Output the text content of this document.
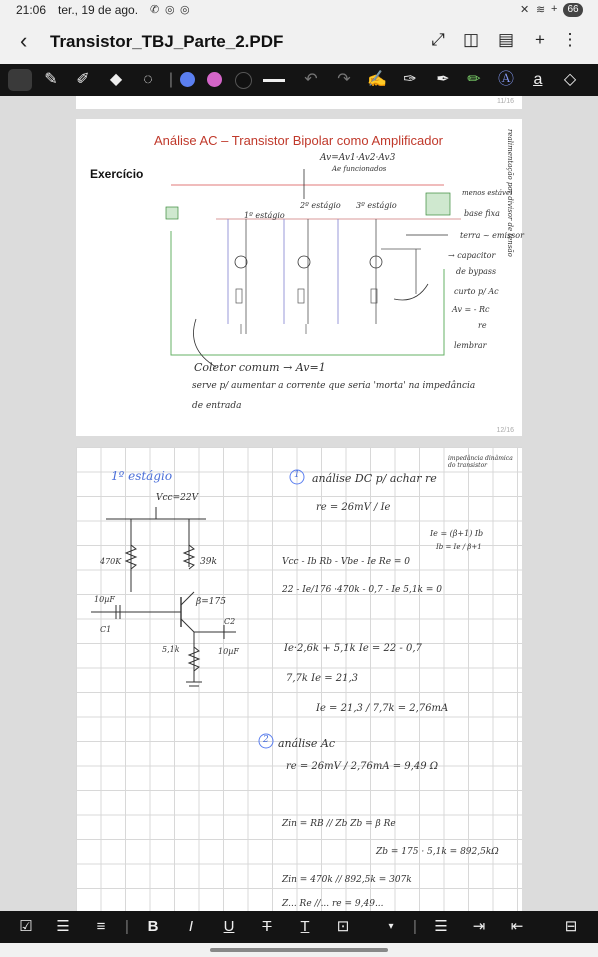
21:06 ter., 19 de ago. ✆ ◎ ◎	✕ ≋ +	66
‹ Transistor_TBJ_Parte_2.PDF	⤢ ◫ ▤ + ⋮
✎ ✐	◆	◌	|	↶ ↷ ✍ ✑ ✒ ✏ Ⓐ	a̲	◇
11/16
Análise AC – Transistor Bipolar como Amplificador
Exercício
Av=Av1·Av2·Av3
Ae funcionados
1º estágio
2º estágio 3º estágio
menos estável
base fixa
terra ~ emissor
→ capacitor
de bypass
curto p/ Ac
Av = - Rc
re
lembrar
realimentação por divisor de tensão
Coletor comum → Av=1
serve p/ aumentar a corrente que seria 'morta' na impedância
de entrada
12/16
1º estágio
Vcc=22V
470K	39k
10µF	β=175
C1
C2
5,1k	10µF
1 análise DC p/ achar re
impedância dinâmica do transistor
re = 26mV / Ie
Ie = (β+1) Ib
Ib = Ie / β+1
Vcc - Ib Rb - Vbe - Ie Re = 0
22 - Ie/176 ·470k - 0,7 - Ie 5,1k = 0
Ie·2,6k + 5,1k Ie = 22 - 0,7
7,7k Ie = 21,3
Ie = 21,3 / 7,7k = 2,76mA
2 análise Ac
re = 26mV / 2,76mA = 9,49 Ω
Zin = RB // Zb Zb = β Re
Zb = 175 · 5,1k = 892,5kΩ
Zin = 470k // 892,5k = 307k
Z... Re //... re = 9,49...
☑ ☰	≡	|	B	I	U	T	T̲	⊡	▾	|	☰	⇥	⇤	⊟
